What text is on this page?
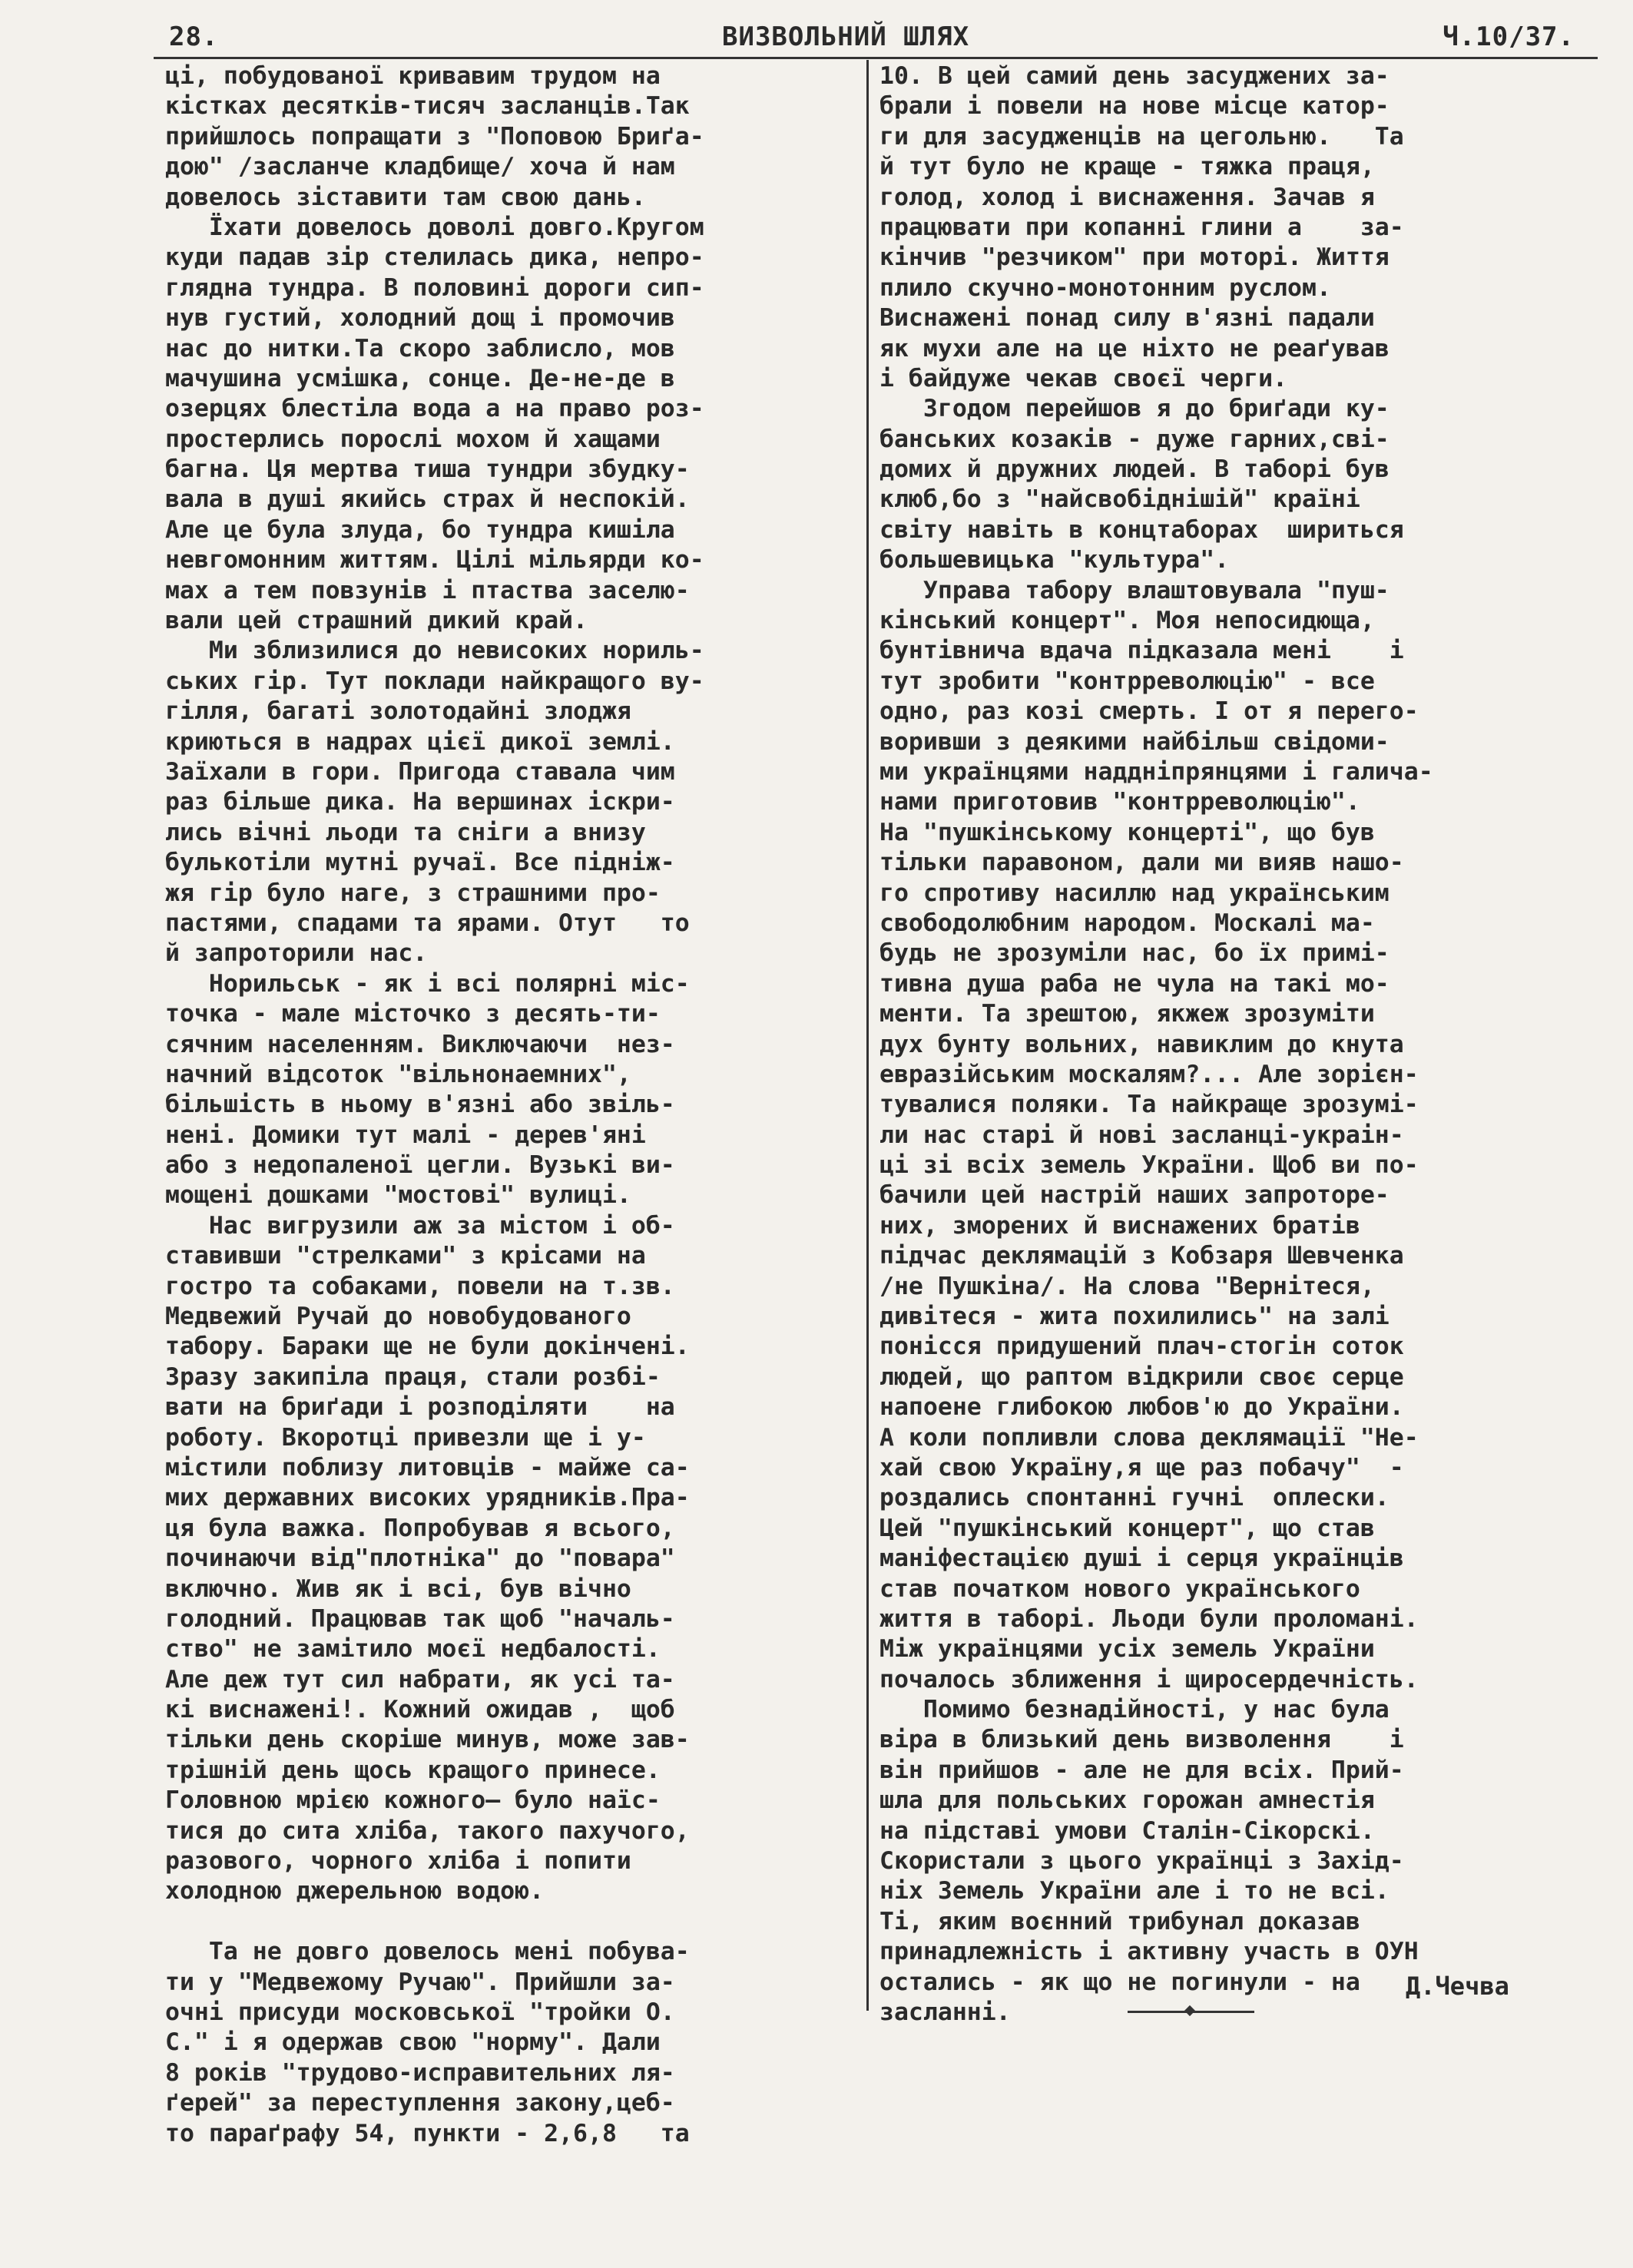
28.	ВИЗВОЛЬНИЙ ШЛЯХ	Ч.10/37.
ці, побудованої кривавим трудом на
кістках десятків-тисяч засланців.Так
прийшлось попращати з "Поповою Бриґа-
дою" /засланче кладбище/ хоча й нам
довелось зіставити там свою дань.
Їхати довелось доволі довго.Кругом
куди падав зір стелилась дика, непро-
глядна тундра. В половині дороги сип-
нув густий, холодний дощ і промочив
нас до нитки.Та скоро заблисло, мов
мачушина усмішка, сонце. Де-не-де в
озерцях блестіла вода а на право роз-
простерлись порослі мохом й хащами
багна. Ця мертва тиша тундри збудку-
вала в душі якийсь страх й неспокій.
Але це була злуда, бо тундра кишіла
невгомонним життям. Цілі мільярди ко-
мах а тем повзунів і птаства заселю-
вали цей страшний дикий край.
Ми зблизилися до невисоких нориль-
ських гір. Тут поклади найкращого ву-
гілля, багаті золотодайні злоджя
криються в надрах цієї дикої землі.
Заїхали в гори. Пригода ставала чим
раз більше дика. На вершинах іскри-
лись вічні льоди та сніги а внизу
булькотіли мутні ручаї. Все підніж-
жя гір було наге, з страшними про-
пастями, спадами та ярами. Отут   то
й запроторили нас.
Норильськ - як і всі полярні міс-
точка - мале місточко з десять-ти-
сячним населенням. Виключаючи  нез-
начний відсоток "вільнонаемних",
більшість в ньому в'язні або звіль-
нені. Домики тут малі - дерев'яні
або з недопаленої цегли. Вузькі ви-
мощені дошками "мостові" вулиці.
Нас вигрузили аж за містом і об-
ставивши "стрелками" з крісами на
гостро та собаками, повели на т.зв.
Медвежий Ручай до новобудованого
табору. Бараки ще не були докінчені.
Зразу закипіла праця, стали розбі-
вати на бриґади і розподіляти    на
роботу. Вкоротці привезли ще і у-
містили поблизу литовців - майже са-
мих державних високих урядників.Пра-
ця була важка. Попробував я всього,
починаючи від"плотніка" до "повара"
включно. Жив як і всі, був вічно
голодний. Працював так щоб "началь-
ство" не замітило моєї недбалості.
Але деж тут сил набрати, як усі та-
кі виснажені!. Кожний ожидав ,  щоб
тільки день скоріше минув, може зав-
трішній день щось кращого принесе.
Головною мрією кожного— було наїс-
тися до сита хліба, такого пахучого,
разового, чорного хліба і попити
холодною джерельною водою.
Та не довго довелось мені побува-
ти у "Медвежому Ручаю". Прийшли за-
очні присуди московської "тройки О.
С." і я одержав свою "норму". Дали
8 років "трудово-исправительних ля-
ґерей" за переступлення закону,цеб-
то параґрафу 54, пункти - 2,6,8   та
10. В цей самий день засуджених за-
брали і повели на нове місце катор-
ги для засудженців на цегольню.   Та
й тут було не краще - тяжка праця,
голод, холод і виснаження. Зачав я
працювати при копанні глини а    за-
кінчив "резчиком" при моторі. Життя
плило скучно-монотонним руслом.
Виснажені понад силу в'язні падали
як мухи але на це ніхто не реаґував
і байдуже чекав своєї черги.
Згодом перейшов я до бриґади ку-
банських козаків - дуже гарних,сві-
домих й дружних людей. В таборі був
клюб,бо з "найсвобіднішій" країні
світу навіть в концтаборах  шириться
большевицька "культура".
Управа табору влаштовувала "пуш-
кінський концерт". Моя непосидюща,
бунтівнича вдача підказала мені    і
тут зробити "контрреволюцію" - все
одно, раз козі смерть. І от я перего-
воривши з деякими найбільш свідоми-
ми українцями наддніпрянцями і галича-
нами приготовив "контрреволюцію".
На "пушкінському концерті", що був
тільки паравоном, дали ми вияв нашо-
го спротиву насиллю над українським
свободолюбним народом. Москалі ма-
будь не зрозуміли нас, бо їх примі-
тивна душа раба не чула на такі мо-
менти. Та зрештою, якжеж зрозуміти
дух бунту вольних, навиклим до кнута
евразійським москалям?... Але зорієн-
тувалися поляки. Та найкраще зрозумі-
ли нас старі й нові засланці-украін-
ці зі всіх земель України. Щоб ви по-
бачили цей настрій наших запроторе-
них, зморених й виснажених братів
підчас деклямацій з Кобзаря Шевченка
/не Пушкіна/. На слова "Вернітеся,
дивітеся - жита похилились" на залі
понісся придушений плач-стогін соток
людей, що раптом відкрили своє серце
напоене глибокою любов'ю до України.
А коли попливли слова деклямації "Не-
хай свою Україну,я ще раз побачу"  -
роздались спонтанні гучні  оплески.
Цей "пушкінський концерт", що став
маніфестацією душі і серця українців
став початком нового українського
життя в таборі. Льоди були проломані.
Між українцями усіх земель України
почалось зближення і щиросердечність.
Помимо безнадійності, у нас була
віра в близький день визволення    і
він прийшов - але не для всіх. Прий-
шла для польських горожан амнестія
на підставі умови Сталін-Сікорскі.
Скористали з цього українці з Захід-
ніх Земель України але і то не всі.
Ті, яким воєнний трибунал доказав
принадлежність і активну участь в ОУН
остались - як що не погинули - на
засланні.
Д.Чечва
